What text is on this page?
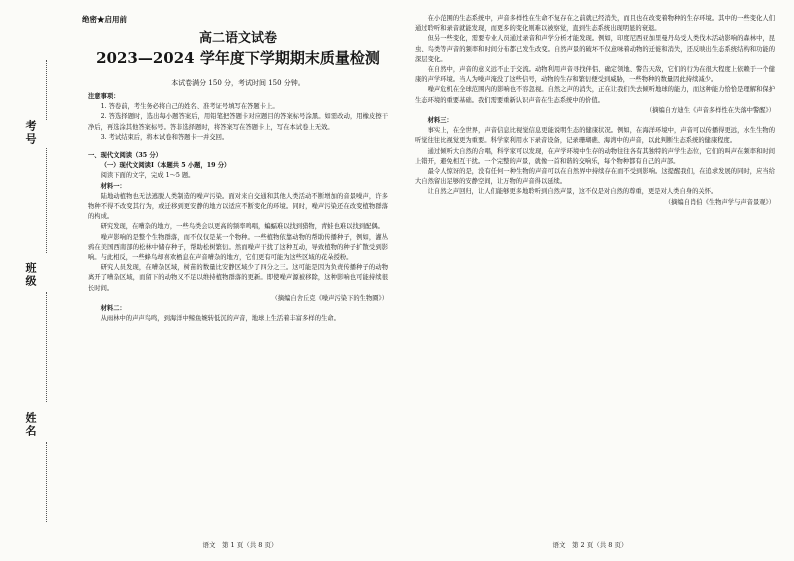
考号
班级
姓名
绝密★启用前
高二语文试卷
2023—2024 学年度下学期期末质量检测
本试卷满分 150 分，考试时间 150 分钟。

注意事项：

1. 答卷前，考生务必将自己的姓名、准考证号填写在答题卡上。

2. 答选择题时，选出每小题答案后，用铅笔把答题卡对应题目的答案标号涂黑。如需改动，用橡皮擦干净后，再选涂其他答案标号。答非选择题时，将答案写在答题卡上，写在本试卷上无效。

3. 考试结束后，将本试卷和答题卡一并交回。

一、现代文阅读（35 分）

（一）现代文阅读Ⅰ（本题共 5 小题，19 分）

阅读下面的文字，完成 1～5 题。

材料一：

陆地动植物也无法逃脱人类制造的噪声污染。面对来自交通和其他人类活动不断增加的音景噪声，许多物种不得不改变其行为，或迁移到更安静的地方以适应不断变化的环境。同时，噪声污染还在改变植物群落的构成。

研究发现，在嘈杂的地方，一些鸟类会以更高的频率鸣唱，蝙蝠难以找到猎物，青蛙也难以找到配偶。

噪声影响的是整个生物群落，而不仅仅是某一个物种。一些植物依靠动物的帮助传播种子，例如，灌丛鸦在美国西南部的松林中储存种子，帮助松树繁衍。然而噪声干扰了这种互动，导致植物的种子扩散受到影响。与此相反，一些蜂鸟却喜欢栖息在声音嘈杂的地方，它们更有可能为这些区域的花朵授粉。

研究人员发现，在嘈杂区域，树苗的数量比安静区域少了四分之三。这可能是因为负责传播种子的动物离开了嘈杂区域，而留下的动物又不足以维持植物群落的更新。即使噪声源被移除，这种影响也可能持续很长时间。

（摘编自舍丘克《噪声污染下的生物圈》）

材料二：

从雨林中的声声鸟鸣，到海洋中鲸鱼婉转低沉的声音，地球上生活着丰富多样的生命。

在小范围的生态系统中，声音多样性在生命不复存在之前就已经消失，而且也在改变着物种的生存环境。其中的一些变化人们通过聆听和录音就能发现，而更多的变化则难以被察觉，直到生态系统出现明显的衰退。

但另一些变化，需要专业人员通过录音和声学分析才能发现。例如，印度尼西亚加里曼丹岛受人类伐木活动影响的森林中，昆虫、鸟类等声音的频率和时间分布都已发生改变。自然声景的破坏不仅意味着动物的迁徙和消失，还反映出生态系统结构和功能的深层变化。

在自然中，声音的意义远不止于交流。动物利用声音寻找伴侣、确定领地、警告天敌，它们的行为在很大程度上依赖于一个健康的声学环境。当人为噪声淹没了这些信号，动物的生存和繁衍便受到威胁，一些物种的数量因此持续减少。

噪声危机在全球范围内的影响也不容忽视。自然之声的消失，正在让我们失去倾听地球的能力，而这种能力恰恰是理解和保护生态环境的重要基础。我们需要重新认识声音在生态系统中的价值。

（摘编自方迪生《声音多样性在失落中警醒》）

材料三：

事实上，在全世界，声音信息比视觉信息更能说明生态的健康状况。例如，在海洋环境中，声音可以传播得更远，水生生物的听觉往往比视觉更为重要。科学家利用水下录音设备，记录珊瑚礁、海湾中的声音，以此判断生态系统的健康程度。

通过倾听大自然的合唱，科学家可以发现，在声学环境中生存的动物往往各有其独特的声学生态位，它们的叫声在频率和时间上错开，避免相互干扰。一个完整的声景，就像一首和谐的交响乐，每个物种都有自己的声部。

最令人惊讶的是，没有任何一种生物的声音可以在自然界中持续存在而不受到影响。这提醒我们，在追求发展的同时，应当给大自然留出足够的安静空间，让万物的声音得以延续。

让自然之声回归，让人们能够更多地聆听到自然声景，这不仅是对自然的尊重，更是对人类自身的关怀。

（摘编自肖伯《生物声学与声音景观》）

语文　第 1 页（共 8 页）	语文　第 2 页（共 8 页）
